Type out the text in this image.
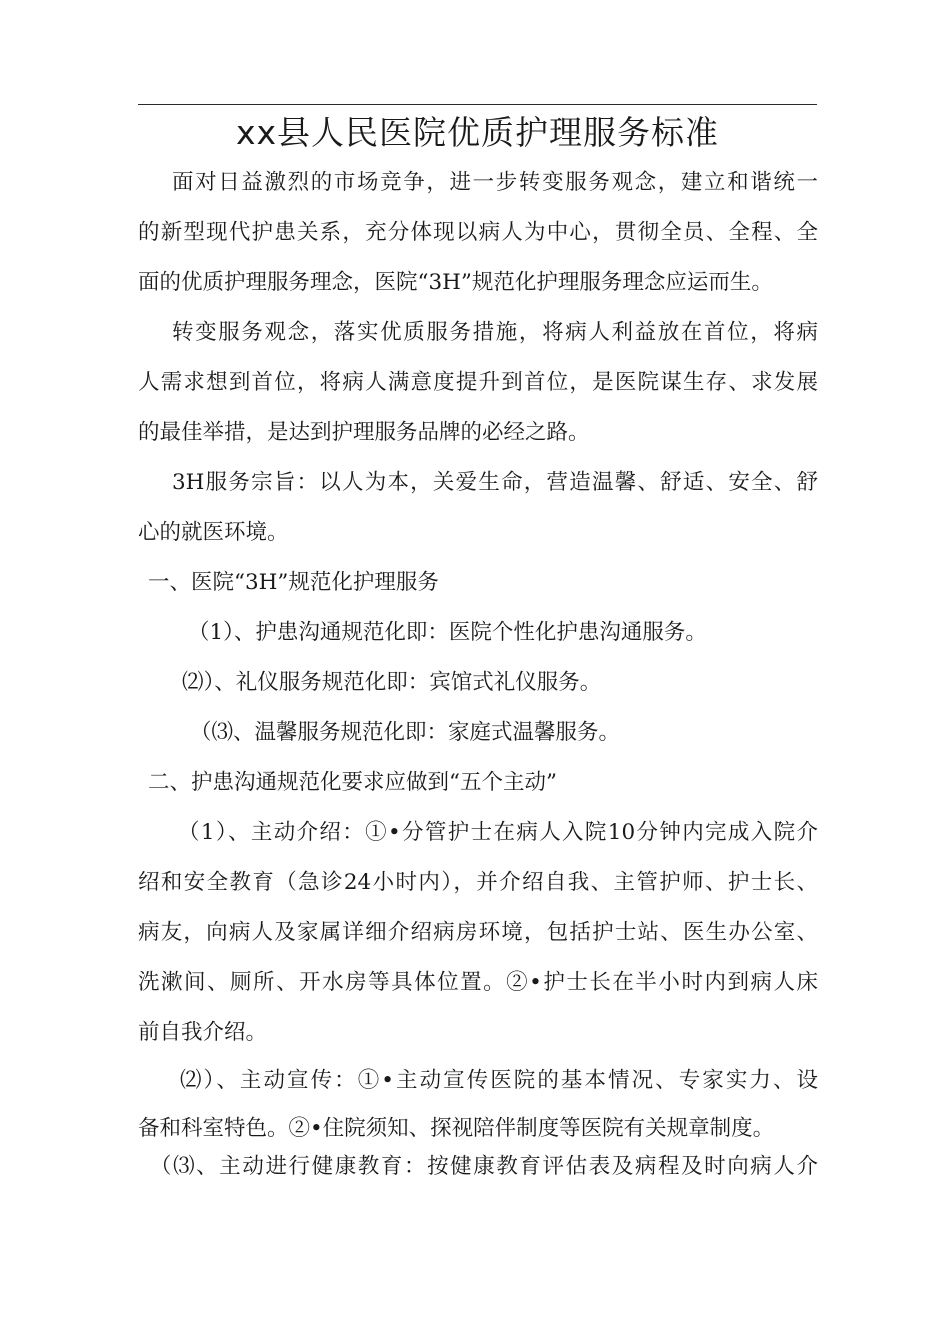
xx县人民医院优质护理服务标准
面对日益激烈的市场竞争，进一步转变服务观念，建立和谐统一
的新型现代护患关系，充分体现以病人为中心，贯彻全员、全程、全
面的优质护理服务理念，医院“3H”规范化护理服务理念应运而生。
转变服务观念，落实优质服务措施，将病人利益放在首位，将病
人需求想到首位，将病人满意度提升到首位，是医院谋生存、求发展
的最佳举措，是达到护理服务品牌的必经之路。
3H服务宗旨：以人为本，关爱生命，营造温馨、舒适、安全、舒
心的就医环境。
一、医院“3H”规范化护理服务
（1）、护患沟通规范化即：医院个性化护患沟通服务。
⑵）、礼仪服务规范化即：宾馆式礼仪服务。
（⑶、温馨服务规范化即：家庭式温馨服务。
二、护患沟通规范化要求应做到“五个主动”
（1）、主动介绍：①•分管护士在病人入院10分钟内完成入院介
绍和安全教育（急诊24小时内），并介绍自我、主管护师、护士长、
病友，向病人及家属详细介绍病房环境，包括护士站、医生办公室、
洗漱间、厕所、开水房等具体位置。②•护士长在半小时内到病人床
前自我介绍。
⑵）、主动宣传：①•主动宣传医院的基本情况、专家实力、设
备和科室特色。②•住院须知、探视陪伴制度等医院有关规章制度。
（⑶、主动进行健康教育：按健康教育评估表及病程及时向病人介
